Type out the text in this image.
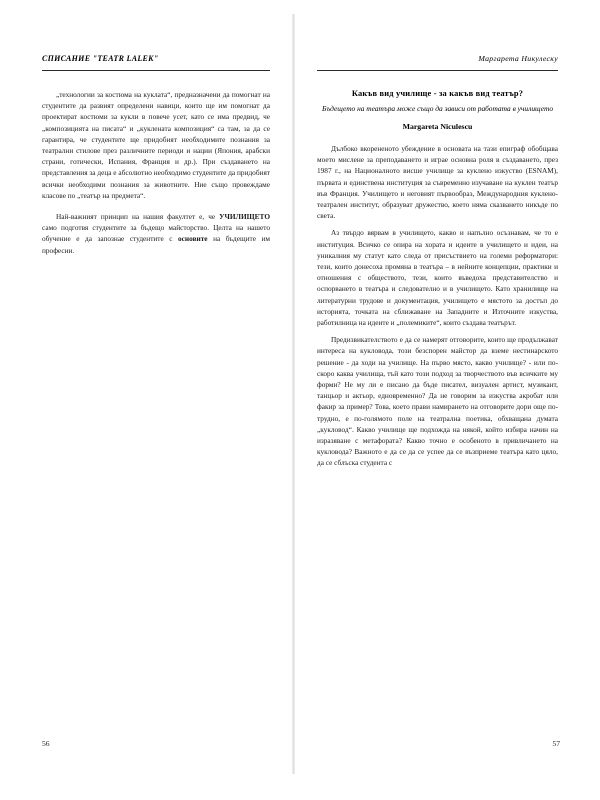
СПИСАНИЕ "TEATR LALEK"

„технологии за костюма на куклата“, предназначени да помогнат на студентите да развият определени навици, които ще им помогнат да проектират костюми за кукли в повече усет, като се има предвид, че „композицията на писата“ и „куклената композиция“ са там, за да се гарантира, че студентите ще придобият необходимите познания за театрални стилове през различните периоди и нации (Япония, арабски страни, готически, Испания, Франция и др.). При създаването на представления за деца е абсолютно необходимо студентите да придобият всички необходими познания за животните. Ние също провеждаме класове по „театър на предмета“.

Най-важният принцип на нашия факултет е, че УЧИЛИЩЕТО само подготвя студентите за бъдещо майсторство. Целта на нашето обучение е да запознае студентите с основите на бъдещите им професии.

56
Маргарета Никулеску
Какъв вид училище - за какъв вид театър?
Бъдещето на театъра може също да зависи от работата в училището
Margareta Niculescu

Дълбоко вкорененото убеждение в основата на тази епиграф обобщава моето мислене за преподаването и играе основна роля в създаването, през 1987 г., на Националното висше училище за куклено изкуство (ESNAM), първата и единствена институция за съвременно изучаване на куклен театър във Франция. Училището и неговият първообраз, Международния куклено-театрален институт, образуват дружество, което няма сказването никъде по света.

Аз твърдо вярвам в училището, какво и напълно осъзнавам, че то е институция. Всичко се опира на хората и идеите в училището и идеи, на уникалния му статут като следа от присъствието на големи реформатори: тези, които донесоха промяна в театъра – в нейните концепции, практики и отношения с обществото, тези, които въведоха представителство и оспорването в театъра и следователно и в училището. Като хранилище на литературни трудове и документация, училището е мястото за достъп до историята, точката на сближаване на Западните и Източните изкуства, работилница на идеите и „полемиките“, които създава театърът.

Предизвикателството е да се намерят отговорите, които ще продължават интереса на кукловода, този безспорен майстор да вземе нестинарското решение - да ходи на училище. На първо място, какво училище? - или по-скоро каква училища, тъй като този подход за творчеството във всичките му форми? Не му ли е писано да бъде писател, визуален артист, музикант, танцьор и актьор, едновременно? Да не говорим за изкуства акробат или факир за пример? Това, което прави намирането на отговорите дори още по-трудно, е по-голямото поле на театрална поетика, обхващана думата „кукловод“. Какво училище ще подхожда на някой, който избира начин на изразяване с метафората? Какво точно е особеното в привличането на кукловода? Важното е да се да се успее да се възприеме театъра като цяло, да се сблъска студента с

57
